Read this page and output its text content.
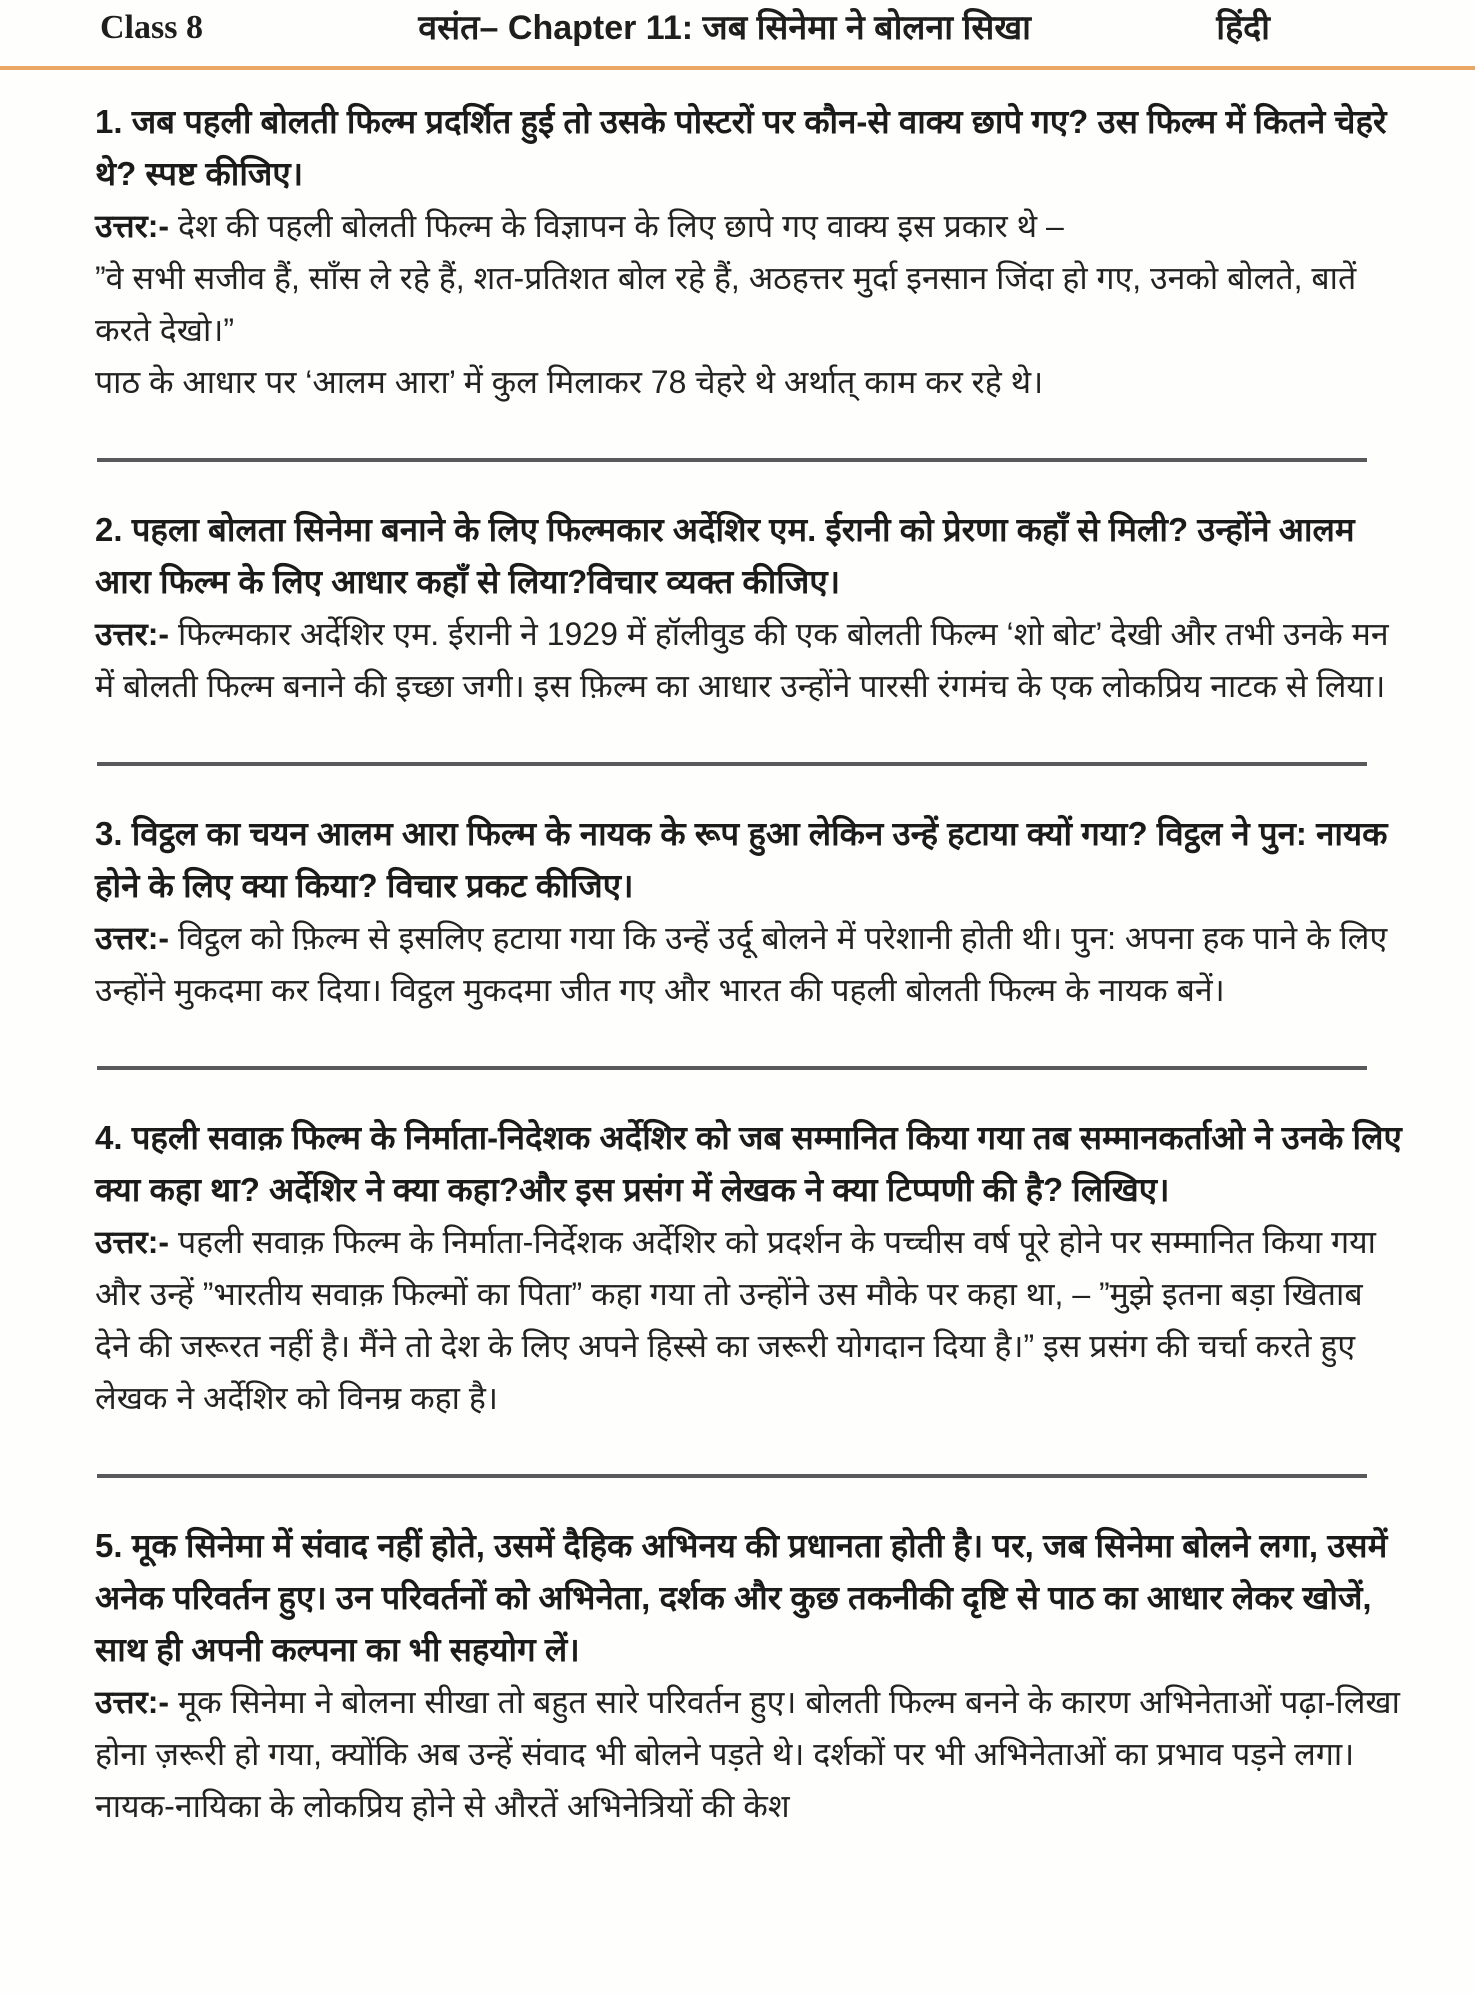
Class 8	वसंत– Chapter 11: जब सिनेमा ने बोलना सिखा	हिंदी

1. जब पहली बोलती फिल्म प्रदर्शित हुई तो उसके पोस्टरों पर कौन-से वाक्य छापे गए? उस फिल्म में कितने चेहरे थे? स्पष्ट कीजिए।

उत्तर:- देश की पहली बोलती फिल्म के विज्ञापन के लिए छापे गए वाक्य इस प्रकार थे –

”वे सभी सजीव हैं, साँस ले रहे हैं, शत-प्रतिशत बोल रहे हैं, अठहत्तर मुर्दा इनसान जिंदा हो गए, उनको बोलते, बातें करते देखो।”

पाठ के आधार पर ‘आलम आरा’ में कुल मिलाकर 78 चेहरे थे अर्थात् काम कर रहे थे।

2. पहला बोलता सिनेमा बनाने के लिए फिल्मकार अर्देशिर एम. ईरानी को प्रेरणा कहाँ से मिली? उन्होंने आलम आरा फिल्म के लिए आधार कहाँ से लिया?विचार व्यक्त कीजिए।

उत्तर:- फिल्मकार अर्देशिर एम. ईरानी ने 1929 में हॉलीवुड की एक बोलती फिल्म ‘शो बोट’ देखी और तभी उनके मन में बोलती फिल्म बनाने की इच्छा जगी। इस फ़िल्म का आधार उन्होंने पारसी रंगमंच के एक लोकप्रिय नाटक से लिया।

3. विट्ठल का चयन आलम आरा फिल्म के नायक के रूप हुआ लेकिन उन्हें हटाया क्यों गया? विट्ठल ने पुन: नायक होने के लिए क्या किया? विचार प्रकट कीजिए।

उत्तर:- विट्ठल को फ़िल्म से इसलिए हटाया गया कि उन्हें उर्दू बोलने में परेशानी होती थी। पुन: अपना हक पाने के लिए उन्होंने मुकदमा कर दिया। विट्ठल मुकदमा जीत गए और भारत की पहली बोलती फिल्म के नायक बनें।

4. पहली सवाक़ फिल्म के निर्माता-निदेशक अर्देशिर को जब सम्मानित किया गया तब सम्मानकर्ताओ ने उनके लिए क्या कहा था? अर्देशिर ने क्या कहा?और इस प्रसंग में लेखक ने क्या टिप्पणी की है? लिखिए।

उत्तर:- पहली सवाक़ फिल्म के निर्माता-निर्देशक अर्देशिर को प्रदर्शन के पच्चीस वर्ष पूरे होने पर सम्मानित किया गया और उन्हें ”भारतीय सवाक़ फिल्मों का पिता” कहा गया तो उन्होंने उस मौके पर कहा था, – ”मुझे इतना बड़ा खिताब देने की जरूरत नहीं है। मैंने तो देश के लिए अपने हिस्से का जरूरी योगदान दिया है।” इस प्रसंग की चर्चा करते हुए लेखक ने अर्देशिर को विनम्र कहा है।

5. मूक सिनेमा में संवाद नहीं होते, उसमें दैहिक अभिनय की प्रधानता होती है। पर, जब सिनेमा बोलने लगा, उसमें अनेक परिवर्तन हुए। उन परिवर्तनों को अभिनेता, दर्शक और कुछ तकनीकी दृष्टि से पाठ का आधार लेकर खोजें, साथ ही अपनी कल्पना का भी सहयोग लें।

उत्तर:- मूक सिनेमा ने बोलना सीखा तो बहुत सारे परिवर्तन हुए। बोलती फिल्म बनने के कारण अभिनेताओं पढ़ा-लिखा होना ज़रूरी हो गया, क्योंकि अब उन्हें संवाद भी बोलने पड़ते थे। दर्शकों पर भी अभिनेताओं का प्रभाव पड़ने लगा। नायक-नायिका के लोकप्रिय होने से औरतें अभिनेत्रियों की केश
